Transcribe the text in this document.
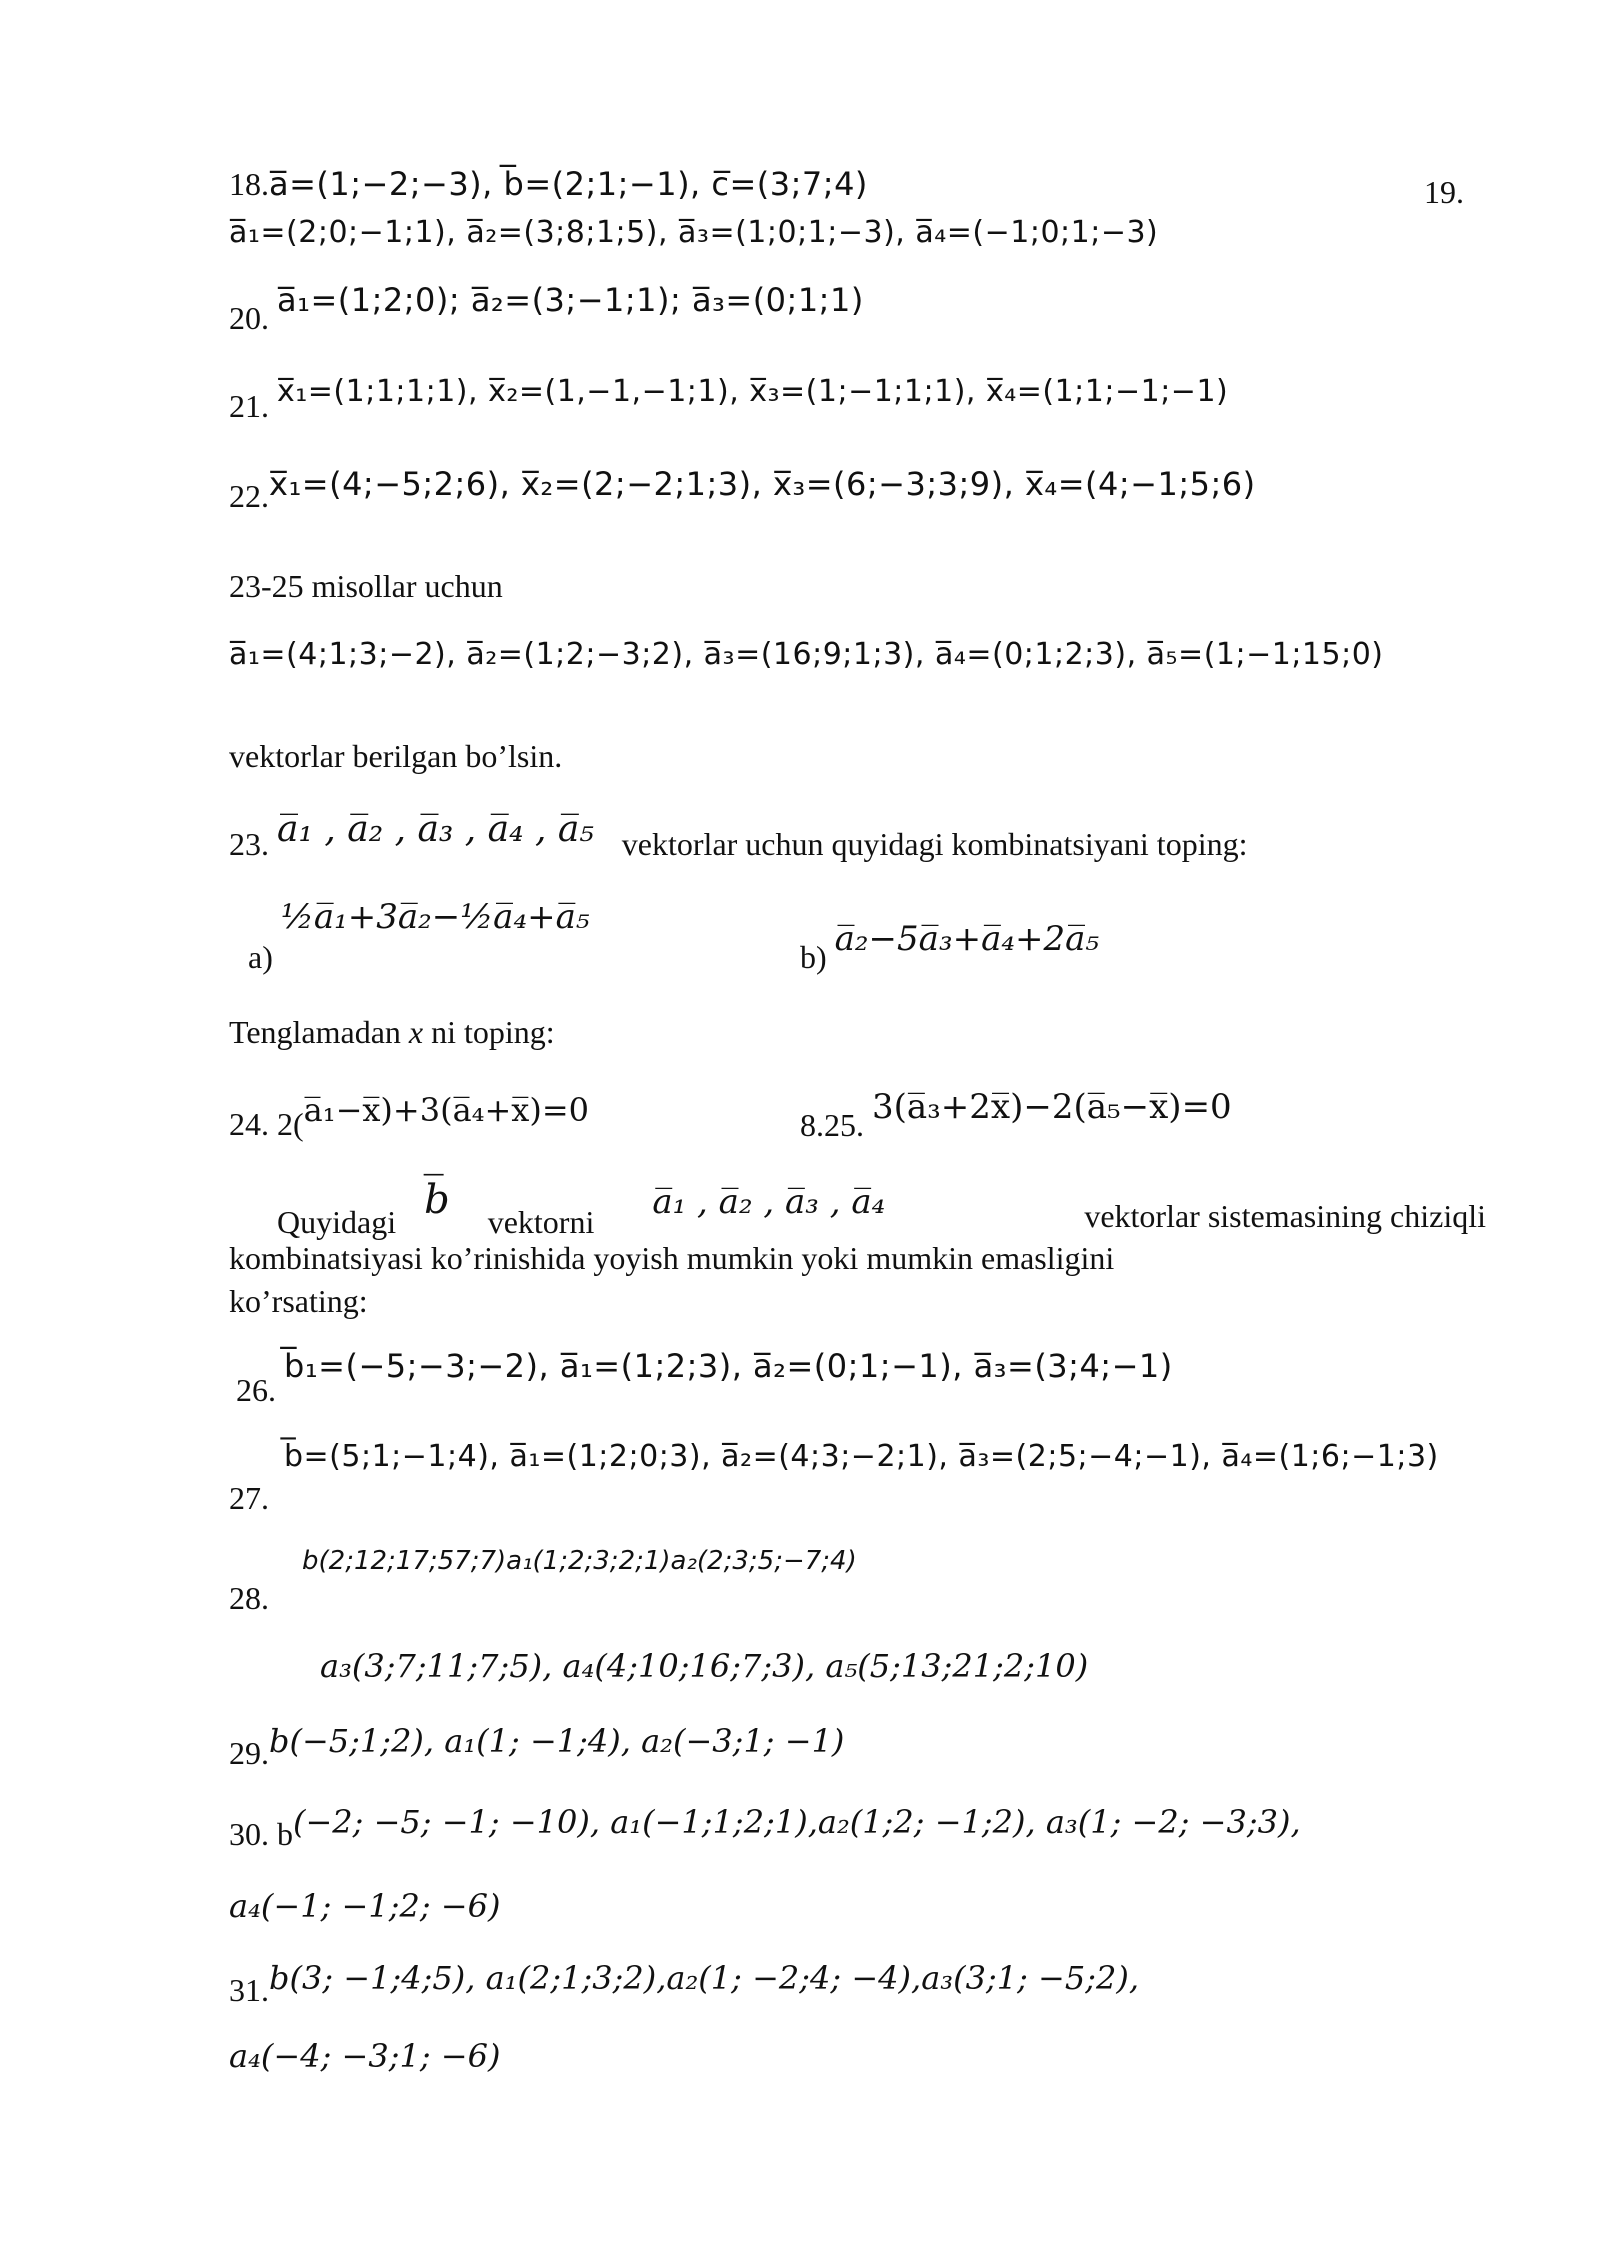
18.a̅=(1;−2;−3), b̅=(2;1;−1), c̅=(3;7;4)	19.
a̅₁=(2;0;−1;1), a̅₂=(3;8;1;5), a̅₃=(1;0;1;−3), a̅₄=(−1;0;1;−3)
20. a̅₁=(1;2;0); a̅₂=(3;−1;1); a̅₃=(0;1;1)
21. x̅₁=(1;1;1;1), x̅₂=(1,−1,−1;1), x̅₃=(1;−1;1;1), x̅₄=(1;1;−1;−1)
22.x̅₁=(4;−5;2;6), x̅₂=(2;−2;1;3), x̅₃=(6;−3;3;9), x̅₄=(4;−1;5;6)
23-25 misollar uchun
a̅₁=(4;1;3;−2), a̅₂=(1;2;−3;2), a̅₃=(16;9;1;3), a̅₄=(0;1;2;3), a̅₅=(1;−1;15;0)
vektorlar berilgan bo’lsin.
23. a̅₁ , a̅₂ , a̅₃ , a̅₄ , a̅₅ vektorlar uchun quyidagi kombinatsiyani toping:
a) ½a̅₁+3a̅₂−½a̅₄+a̅₅
b) a̅₂−5a̅₃+a̅₄+2a̅₅
Tenglamadan x ni toping:
24. 2(a̅₁−x̅)+3(a̅₄+x̅)=0	8.25. 3(a̅₃+2x̅)−2(a̅₅−x̅)=0
Quyidagi b̅ vektorni a̅₁ , a̅₂ , a̅₃ , a̅₄	vektorlar sistemasining chiziqli
kombinatsiyasi ko’rinishida yoyish mumkin yoki mumkin emasligini
ko’rsating:
26. b̅₁=(−5;−3;−2), a̅₁=(1;2;3), a̅₂=(0;1;−1), a̅₃=(3;4;−1)
b̅=(5;1;−1;4), a̅₁=(1;2;0;3), a̅₂=(4;3;−2;1), a̅₃=(2;5;−4;−1), a̅₄=(1;6;−1;3)
27.
b(2;12;17;57;7)a₁(1;2;3;2;1)a₂(2;3;5;−7;4)
28.
a₃(3;7;11;7;5), a₄(4;10;16;7;3), a₅(5;13;21;2;10)
29.b(−5;1;2), a₁(1; −1;4), a₂(−3;1; −1)
30. b(−2; −5; −1; −10), a₁(−1;1;2;1),a₂(1;2; −1;2), a₃(1; −2; −3;3),
a₄(−1; −1;2; −6)
31.b(3; −1;4;5), a₁(2;1;3;2),a₂(1; −2;4; −4),a₃(3;1; −5;2),
a₄(−4; −3;1; −6)
